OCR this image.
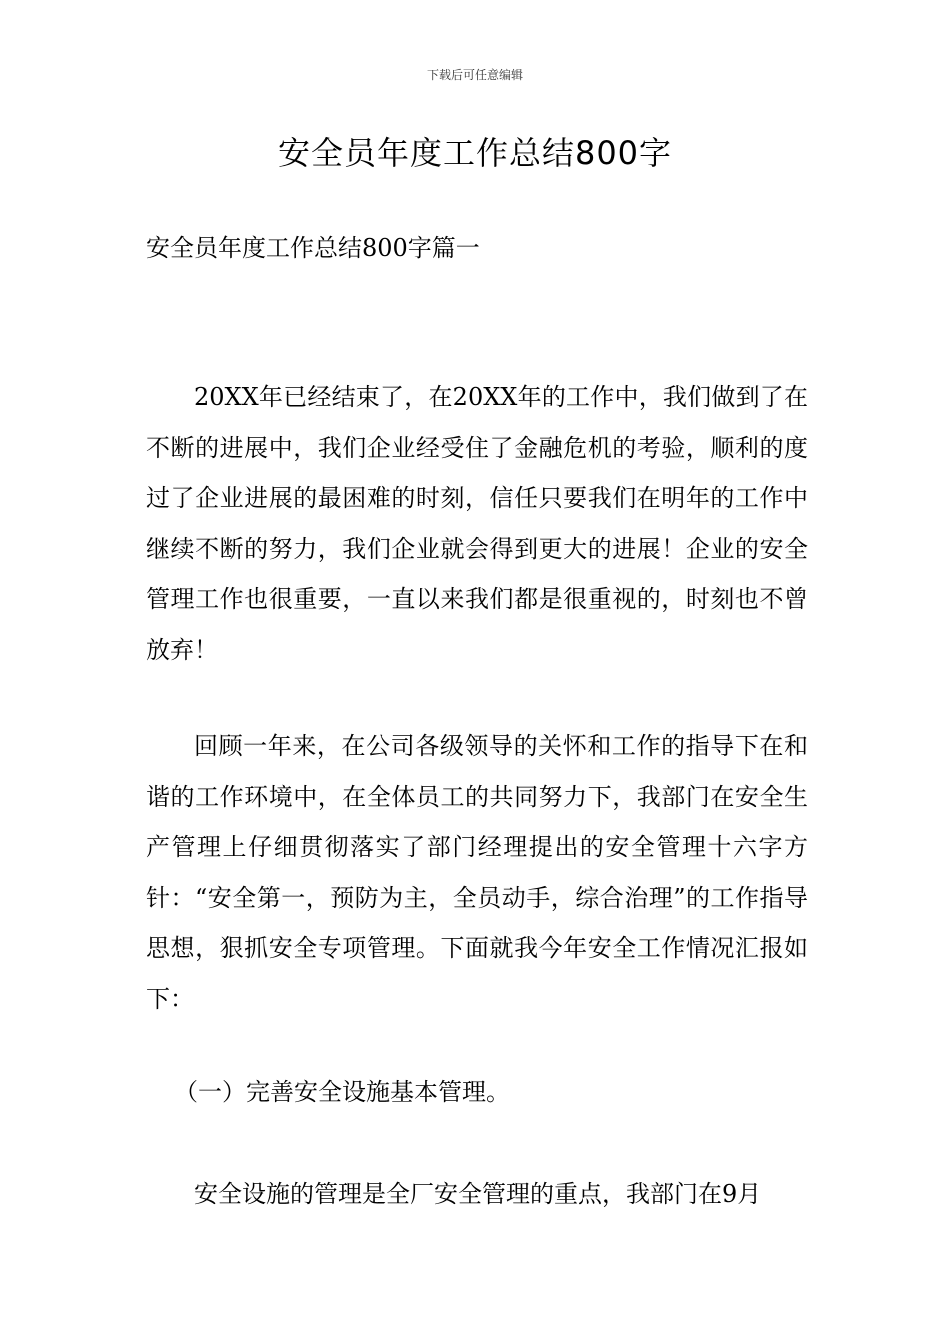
下载后可任意编辑
安全员年度工作总结800字
安全员年度工作总结800字篇一

20XX年已经结束了，在20XX年的工作中，我们做到了在不断的进展中，我们企业经受住了金融危机的考验，顺利的度过了企业进展的最困难的时刻，信任只要我们在明年的工作中继续不断的努力，我们企业就会得到更大的进展！企业的安全管理工作也很重要，一直以来我们都是很重视的，时刻也不曾放弃！

回顾一年来，在公司各级领导的关怀和工作的指导下在和谐的工作环境中，在全体员工的共同努力下，我部门在安全生产管理上仔细贯彻落实了部门经理提出的安全管理十六字方针：“安全第一，预防为主，全员动手，综合治理”的工作指导思想，狠抓安全专项管理。下面就我今年安全工作情况汇报如下：

（一）完善安全设施基本管理。

安全设施的管理是全厂安全管理的重点，我部门在9月
